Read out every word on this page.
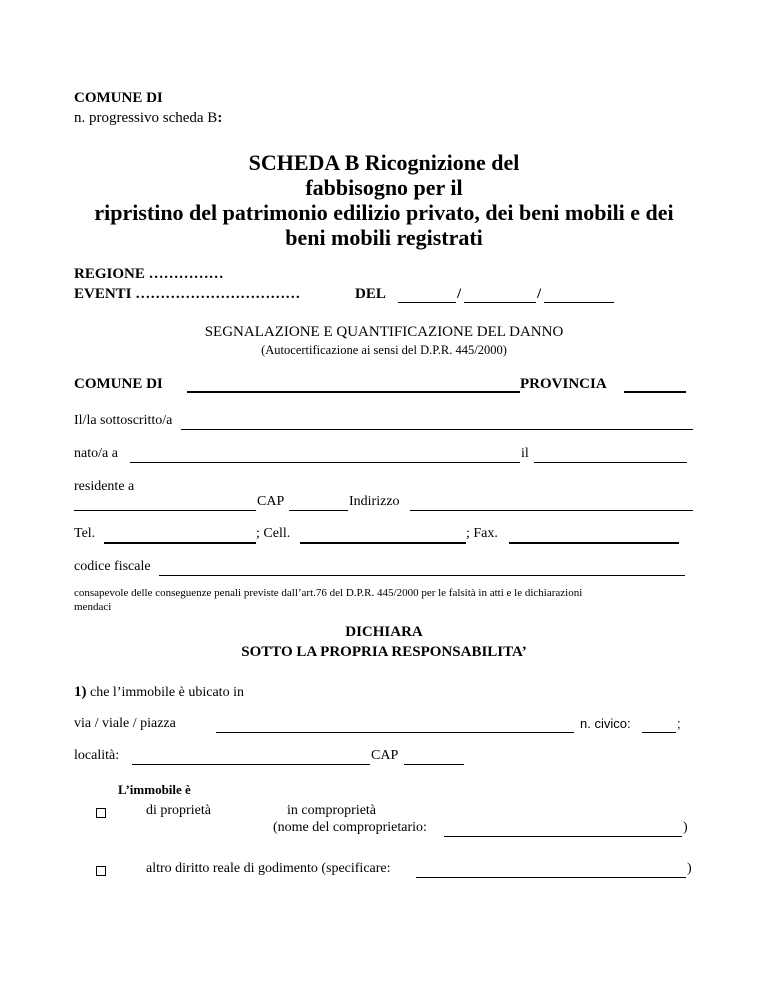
COMUNE DI
n. progressivo scheda B:
SCHEDA B Ricognizione del
fabbisogno per il
ripristino del patrimonio edilizio privato, dei beni mobili e dei
beni mobili registrati
REGIONE ……………
EVENTI ……………………………	DEL	/	/
SEGNALAZIONE E QUANTIFICAZIONE DEL DANNO
(Autocertificazione ai sensi del D.P.R. 445/2000)
COMUNE DI	PROVINCIA
Il/la sottoscritto/a
nato/a a	il
residente a
CAP	Indirizzo
Tel.	; Cell.	; Fax.
codice fiscale
consapevole delle conseguenze penali previste dall’art.76 del D.P.R. 445/2000 per le falsità in atti e le dichiarazioni
mendaci
DICHIARA
SOTTO LA PROPRIA RESPONSABILITA’
1) che l’immobile è ubicato in
via / viale / piazza	n. civico:	;
località:	CAP
L’immobile è
di proprietà	in comproprietà
(nome del comproprietario:	)
altro diritto reale di godimento (specificare:	)
